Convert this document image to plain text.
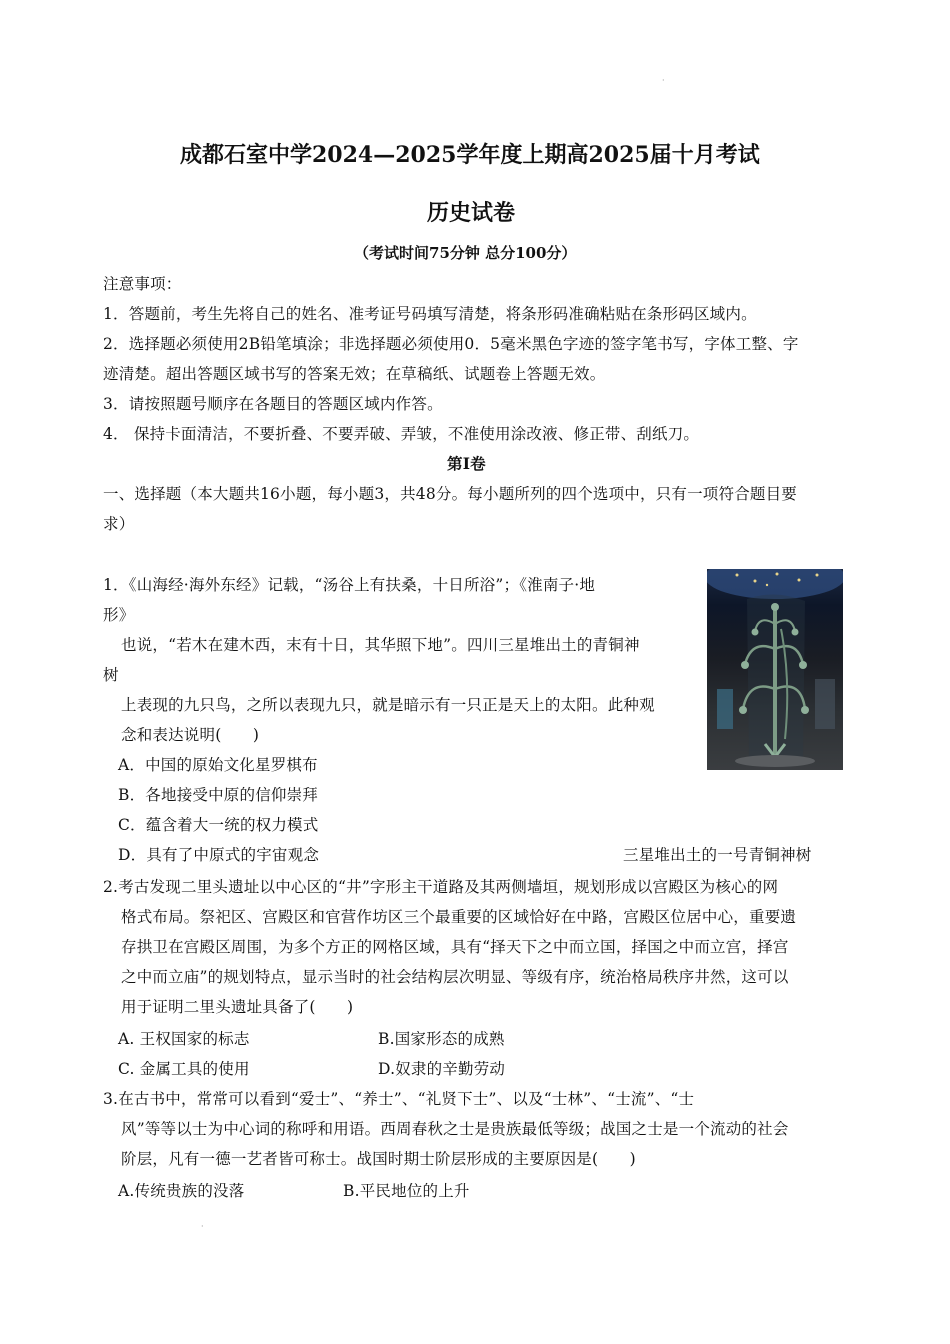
·
成都石室中学2024—2025学年度上期高2025届十月考试
历史试卷
（考试时间75分钟 总分100分）
注意事项：
1．答题前，考生先将自己的姓名、准考证号码填写清楚，将条形码准确粘贴在条形码区域内。
2．选择题必须使用2B铅笔填涂；非选择题必须使用0．5毫米黑色字迹的签字笔书写，字体工整、字
迹清楚。超出答题区域书写的答案无效；在草稿纸、试题卷上答题无效。
3．请按照题号顺序在各题目的答题区域内作答。
4． 保持卡面清洁，不要折叠、不要弄破、弄皱，不准使用涂改液、修正带、刮纸刀。
第Ⅰ卷
一、选择题（本大题共16小题，每小题3，共48分。每小题所列的四个选项中，只有一项符合题目要
求）
1．《山海经·海外东经》记载，“汤谷上有扶桑，十日所浴”；《淮南子·地
形》
也说，“若木在建木西，末有十日，其华照下地”。四川三星堆出土的青铜神
树
上表现的九只鸟，之所以表现九只，就是暗示有一只正是天上的太阳。此种观
念和表达说明(　　)
A．中国的原始文化星罗棋布
B．各地接受中原的信仰崇拜
C．蕴含着大一统的权力模式
D．具有了中原式的宇宙观念	三星堆出土的一号青铜神树
2.考古发现二里头遗址以中心区的“井”字形主干道路及其两侧墙垣，规划形成以宫殿区为核心的网
格式布局。祭祀区、宫殿区和官营作坊区三个最重要的区域恰好在中路，宫殿区位居中心，重要遗
存拱卫在宫殿区周围，为多个方正的网格区域，具有“择天下之中而立国，择国之中而立宫，择宫
之中而立庙”的规划特点，显示当时的社会结构层次明显、等级有序，统治格局秩序井然，这可以
用于证明二里头遗址具备了(　　)
A. 王权国家的标志	B.国家形态的成熟
C. 金属工具的使用	D.奴隶的辛勤劳动
3.在古书中，常常可以看到“爱士”、“养士”、“礼贤下士”、以及“士林”、“士流”、“士
风”等等以士为中心词的称呼和用语。西周春秋之士是贵族最低等级；战国之士是一个流动的社会
阶层，凡有一德一艺者皆可称士。战国时期士阶层形成的主要原因是(　　)
A.传统贵族的没落	B.平民地位的上升
·
